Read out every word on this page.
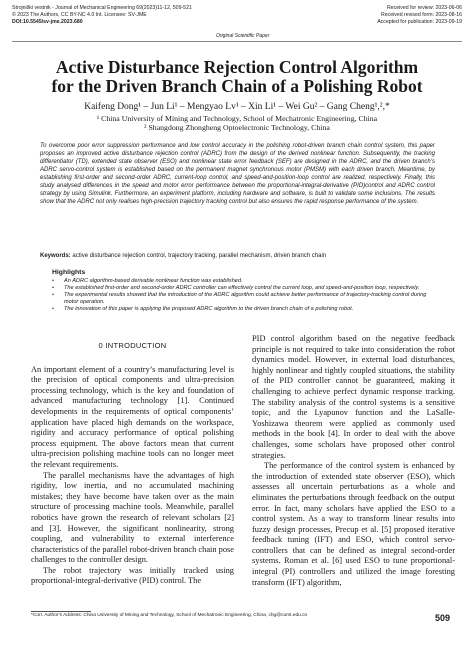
Strojniški vestnik - Journal of Mechanical Engineering 69(2023)11-12, 509-521
© 2023 The Authors, CC BY-NC 4.0 Int. Licensee: SV-JME
DOI:10.5545/sv-jme.2023.680
Received for review: 2023-06-06
Received revised form: 2023-08-16
Accepted for publication: 2023-09-19
Original Scientific Paper
Active Disturbance Rejection Control Algorithm
for the Driven Branch Chain of a Polishing Robot
Kaifeng Dong¹ – Jun Li¹ – Mengyao Lv¹ – Xin Li¹ – Wei Gu² – Gang Cheng¹,²,*
¹ China University of Mining and Technology, School of Mechatronic Engineering, China
² Shangdong Zhongheng Optoelectronic Technology, China

To overcome poor error suppression performance and low control accuracy in the polishing robot-driven branch chain control system, this paper proposes an improved active disturbance rejection control (ADRC) from the design of the derived nonlinear function. Subsequently, the tracking differentiator (TD), extended state observer (ESO) and nonlinear state error feedback (SEF) are designed in the ADRC, and the driven branch’s ADRC servo-control system is established based on the permanent magnet synchronous motor (PMSM) with each driven branch. Meantime, by establishing first-order and second-order ADRC, current-loop control, and speed-and-position-loop control are realized, respectively. Finally, this study analysed differences in the speed and motor error performance between the proportional-integral-derivative (PID)control and ADRC control strategy by using Simulink. Furthermore, an experiment platform, including hardware and software, is built to validate some inclusions. The results show that the ADRC not only realises high-precision trajectory tracking control but also ensures the rapid response performance of the system.

Keywords: active disturbance rejection control, trajectory tracking, parallel mechanism, driven branch chain
Highlights
•	An ADRC algorithm-based derivable nonlinear function was established.
•	The established first-order and second-order ADRC controller can effectively control the current loop, and speed-and-position loop, respectively.
•	The experimental results showed that the introduction of the ADRC algorithm could achieve better performance of trajectory-tracking control during motor operation.
•	The innovation of this paper is applying the proposed ADRC algorithm to the driven branch chain of a polishing robot.
0 INTRODUCTION

An important element of a country’s manufacturing level is the precision of optical components and ultra-precision processing technology, which is the key and foundation of advanced manufacturing technology [1]. Continued developments in the requirements of optical components’ application have placed high demands on the workspace, rigidity and accuracy performance of optical polishing process equipment. The above factors mean that current ultra-precision polishing machine tools can no longer meet the relevant requirements.

The parallel mechanisms have the advantages of high rigidity, low inertia, and no accumulated machining mistakes; they have become have taken over as the main structure of processing machine tools. Meanwhile, parallel robotics have grown the research of relevant scholars [2] and [3]. However, the significant nonlinearity, strong coupling, and vulnerability to external interference characteristics of the parallel robot-driven branch chain pose challenges to the controller design.

The robot trajectory was initially tracked using proportional-integral-derivative (PID) control. The

PID control algorithm based on the negative feedback principle is not required to take into consideration the robot dynamics model. However, in external load disturbances, highly nonlinear and tightly coupled situations, the stability of the PID controller cannot be guaranteed, making it challenging to achieve perfect dynamic response tracking. The stability analysis of the control systems is a sensitive topic, and the Lyapunov function and the LaSalle-Yoshizawa theorem were applied as commonly used methods in the book [4]. In order to deal with the above challenges, some scholars have proposed other control strategies.

The performance of the control system is enhanced by the introduction of extended state observer (ESO), which assesses all uncertain perturbations as a whole and eliminates the perturbations through feedback on the output error. In fact, many scholars have applied the ESO to a control system. As a way to transform linear results into fuzzy design processes, Precup et al. [5] proposed iterative feedback tuning (IFT) and ESO, which control servo-controllers that can be defined as integral second-order systems. Roman et al. [6] used ESO to tune proportional-integral (PI) controllers and utilized the image foresting transform (IFT) algorithm,

*Corr. Author’s Address: China University of Mining and Technology, School of Mechatronic Engineering, China, chg@cumt.edu.cn	509
